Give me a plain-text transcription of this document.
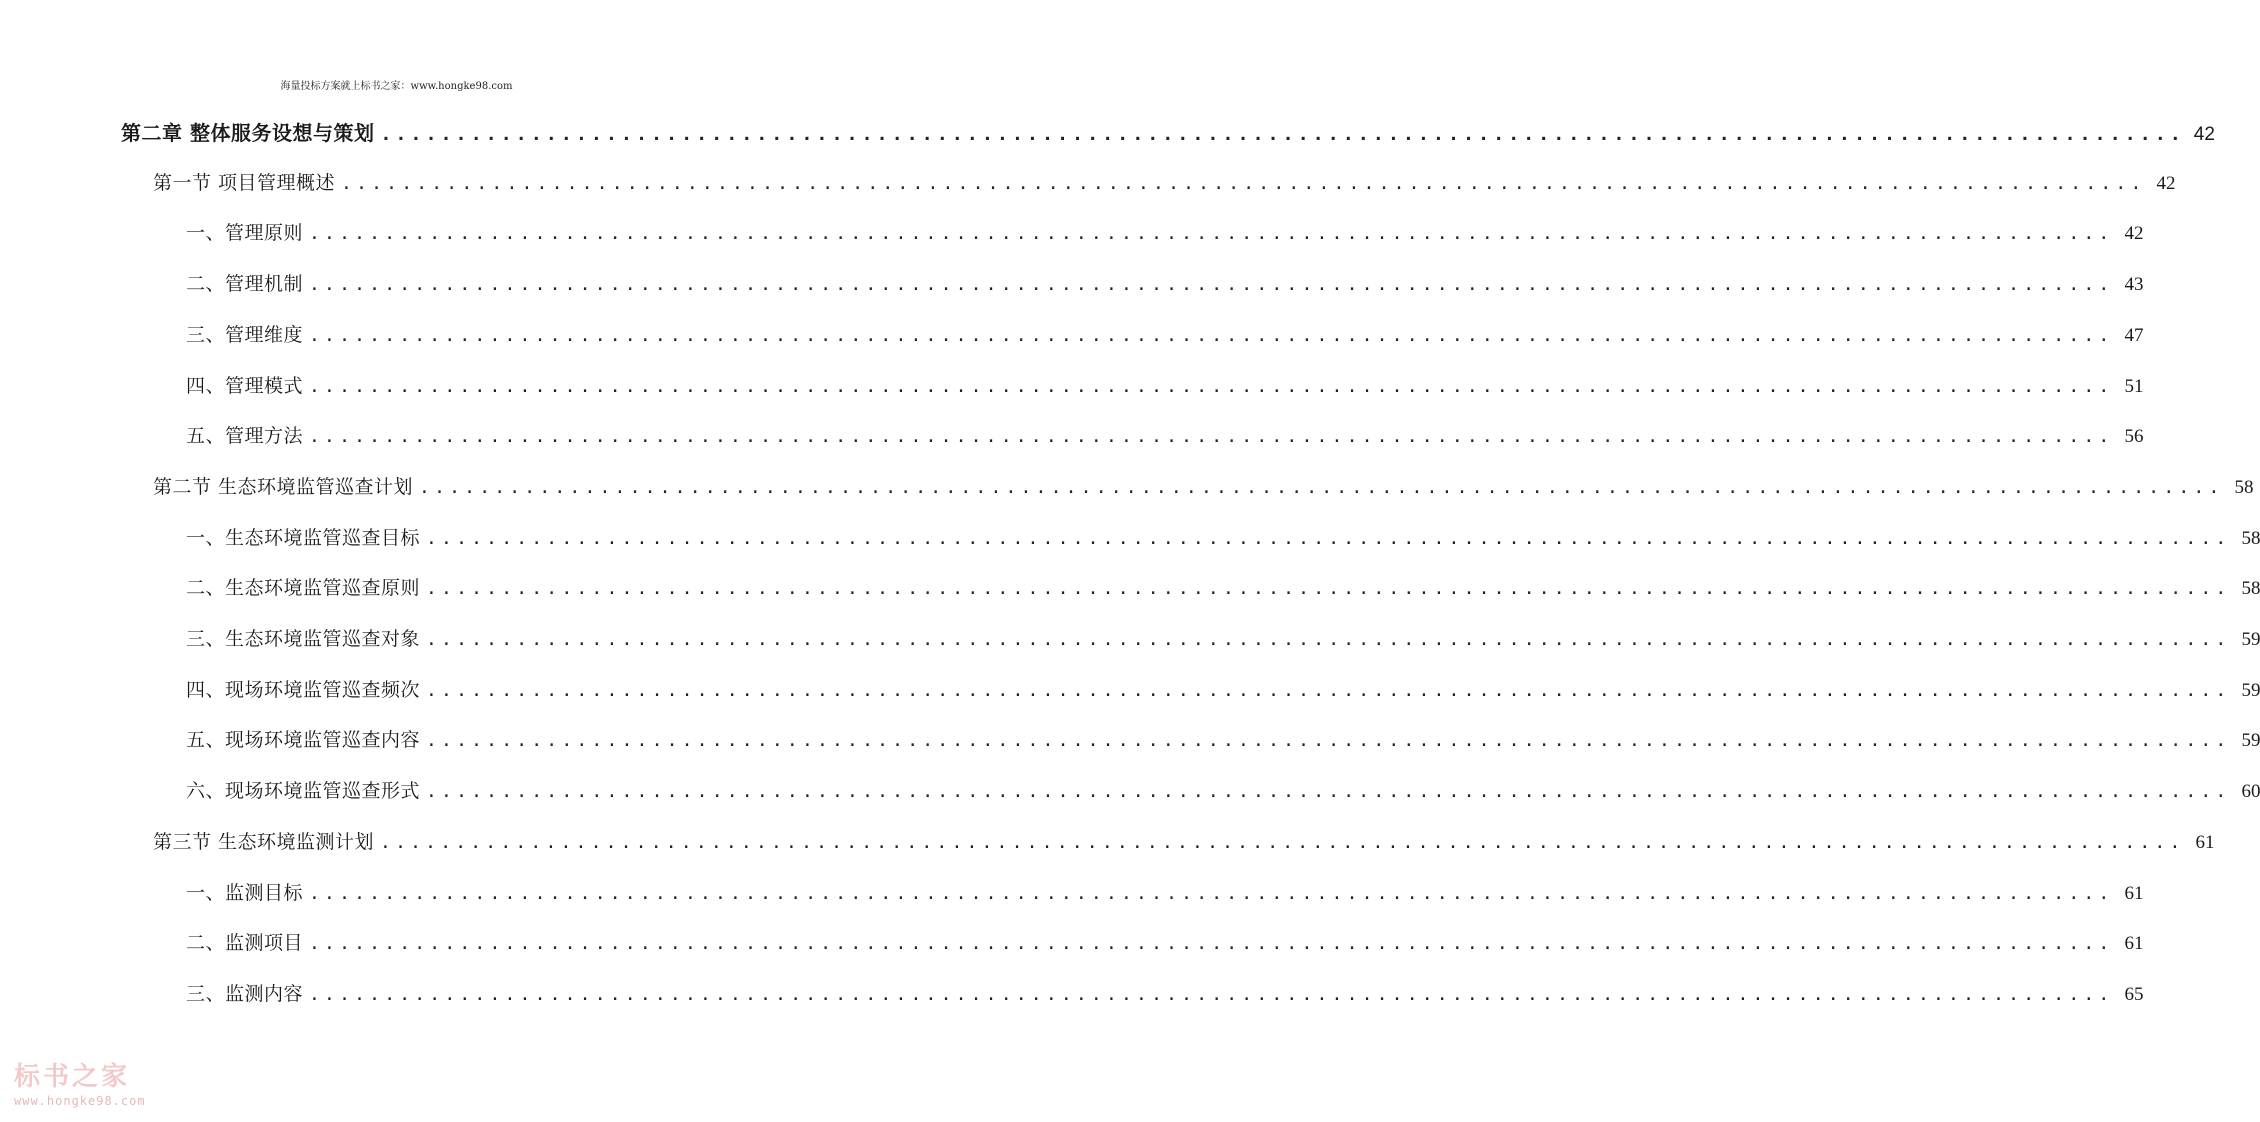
海量投标方案就上标书之家：www.hongke98.com
第二章 整体服务设想与策划 ........................................................................................................................ 42
第一节 项目管理概述 ........................................................................................................................ 42
一、管理原则 ........................................................................................................................ 42
二、管理机制 ........................................................................................................................ 43
三、管理维度 ........................................................................................................................ 47
四、管理模式 ........................................................................................................................ 51
五、管理方法 ........................................................................................................................ 56
第二节 生态环境监管巡查计划 ........................................................................................................................ 58
一、生态环境监管巡查目标 ........................................................................................................................ 58
二、生态环境监管巡查原则 ........................................................................................................................ 58
三、生态环境监管巡查对象 ........................................................................................................................ 59
四、现场环境监管巡查频次 ........................................................................................................................ 59
五、现场环境监管巡查内容 ........................................................................................................................ 59
六、现场环境监管巡查形式 ........................................................................................................................ 60
第三节 生态环境监测计划 ........................................................................................................................ 61
一、监测目标 ........................................................................................................................ 61
二、监测项目 ........................................................................................................................ 61
三、监测内容 ........................................................................................................................ 65
标书之家
www.hongke98.com
